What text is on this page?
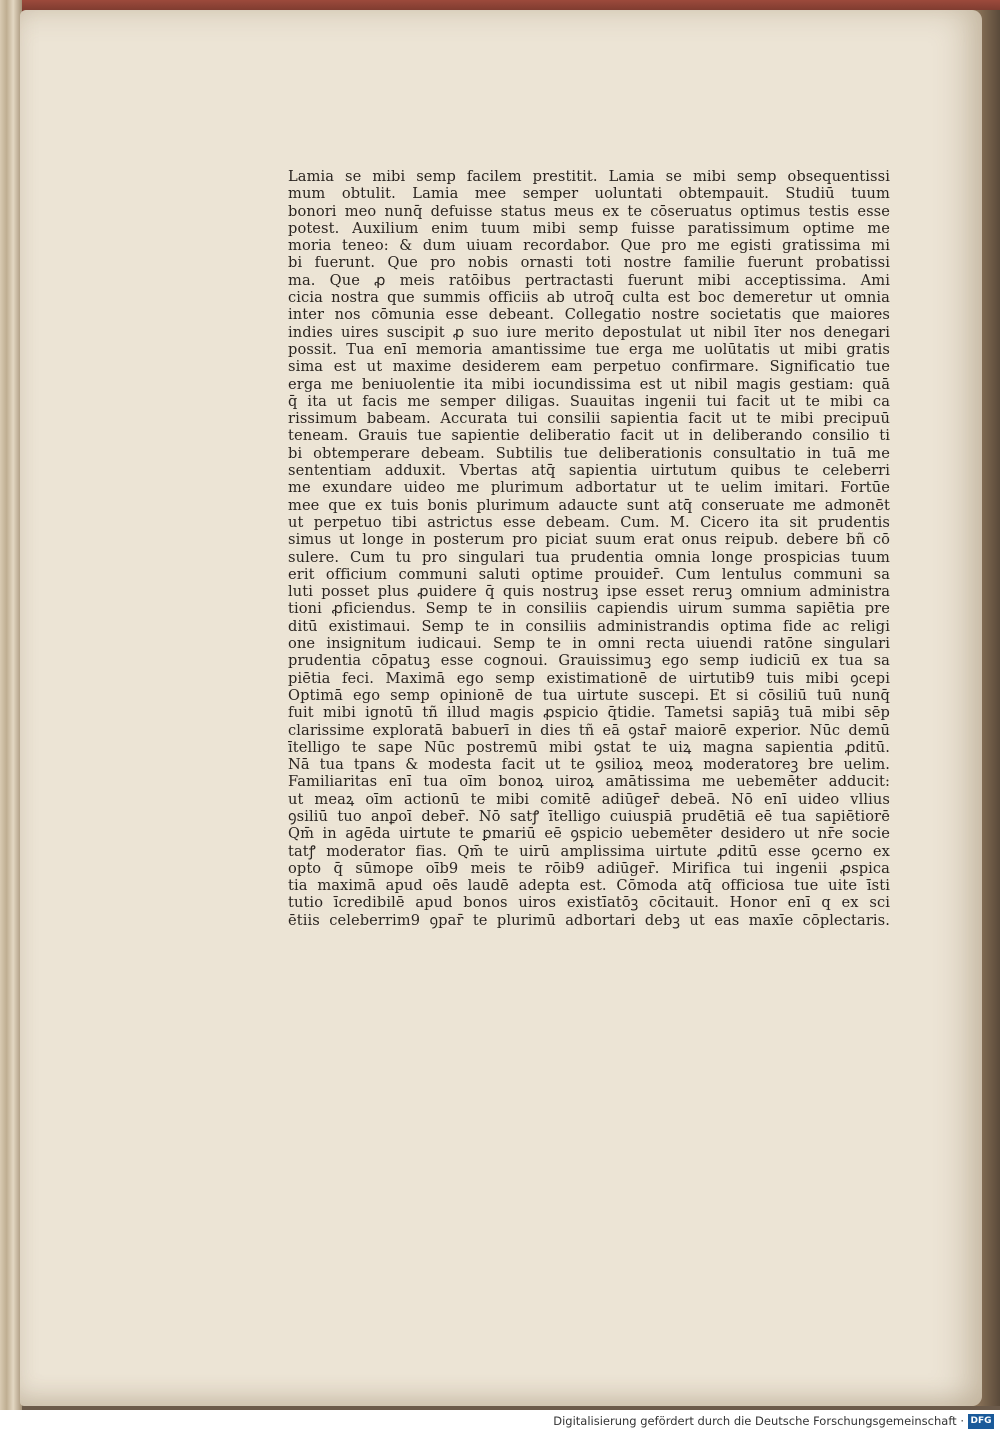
Lamia se mibi semp facilem prestitit. Lamia se mibi semp obsequentissi
mum obtulit. Lamia mee semper uoluntati obtempauit. Studiū tuum
bonori meo nunq̄ defuisse status meus ex te cōseruatus optimus testis esse
potest. Auxilium enim tuum mibi semp fuisse paratissimum optime me
moria teneo: & dum uiuam recordabor. Que pro me egisti gratissima mi
bi fuerunt. Que pro nobis ornasti toti nostre familie fuerunt probatissi
ma. Que ꝓ meis ratōibus pertractasti fuerunt mibi acceptissima. Ami
cicia nostra que summis officiis ab utroq̄ culta est boc demeretur ut omnia
inter nos cōmunia esse debeant. Collegatio nostre societatis que maiores
indies uires suscipit ꝓ suo iure merito depostulat ut nibil īter nos denegari
possit. Tua enī memoria amantissime tue erga me uolūtatis ut mibi gratis
sima est ut maxime desiderem eam perpetuo confirmare. Significatio tue
erga me beniuolentie ita mibi iocundissima est ut nibil magis gestiam: quā
q̄ ita ut facis me semper diligas. Suauitas ingenii tui facit ut te mibi ca
rissimum babeam. Accurata tui consilii sapientia facit ut te mibi precipuū
teneam. Grauis tue sapientie deliberatio facit ut in deliberando consilio ti
bi obtemperare debeam. Subtilis tue deliberationis consultatio in tuā me
sententiam adduxit. Vbertas atq̄ sapientia uirtutum quibus te celeberri
me exundare uideo me plurimum adbortatur ut te uelim imitari. Fortūe
mee que ex tuis bonis plurimum adaucte sunt atq̄ conseruate me admonēt
ut perpetuo tibi astrictus esse debeam. Cum. M. Cicero ita sit prudentis
simus ut longe in posterum pro piciat suum erat onus reipub. debere bñ cō
sulere. Cum tu pro singulari tua prudentia omnia longe prospicias tuum
erit officium communi saluti optime prouider̄. Cum lentulus communi sa
luti posset plus ꝓuidere q̄ quis nostruꝫ ipse esset reruꝫ omnium administra
tioni ꝓficiendus. Semp te in consiliis capiendis uirum summa sapiētia pre
ditū existimaui. Semp te in consiliis administrandis optima fide ac religi
one insignitum iudicaui. Semp te in omni recta uiuendi ratōne singulari
prudentia cōpatuꝫ esse cognoui. Grauissimuꝫ ego semp iudiciū ex tua sa
piētia feci. Maximā ego semp existimationē de uirtutib9 tuis mibi ꝯcepi
Optimā ego semp opinionē de tua uirtute suscepi. Et si cōsiliū tuū nunq̄
fuit mibi ignotū tñ illud magis ꝓspicio q̄tidie. Tametsi sapiāꝫ tuā mibi sēp
clarissime exploratā babuerī in dies tñ eā ꝯstar̄ maiorē experior. Nūc demū
ītelligo te sape Nūc postremū mibi ꝯstat te uiꝝ magna sapientia ꝓditū.
Nā tua tpans & modesta facit ut te ꝯsilioꝝ meoꝝ moderatoreꝫ bre uelim.
Familiaritas enī tua oīm bonoꝝ uiroꝝ amātissima me uebemēter adducit:
ut meaꝝ oīm actionū te mibi comitē adiūger̄ debeā. Nō enī uideo vllius
ꝯsiliū tuo anꝑoī deber̄. Nō satꝭ ītelligo cuiuspiā prudētiā eē tua sapiētiorē
Qm̄ in agēda uirtute te ꝑmariū eē ꝯspicio uebemēter desidero ut nr̄e socie
tatꝭ moderator fias. Qm̄ te uirū amplissima uirtute ꝓditū esse ꝯcerno ex
opto q̄ sūmope oīb9 meis te rōib9 adiūger̄. Mirifica tui ingenii ꝓspica
tia maximā apud oēs laudē adepta est. Cōmoda atq̄ officiosa tue uite īsti
tutio īcredibilē apud bonos uiros existīatōꝫ cōcitauit. Honor enī q ex sci
ētiis celeberrim9 ꝯpar̄ te plurimū adbortari debꝫ ut eas maxīe cōplectaris.
Digitalisierung gefördert durch die Deutsche Forschungsgemeinschaft · DFG
